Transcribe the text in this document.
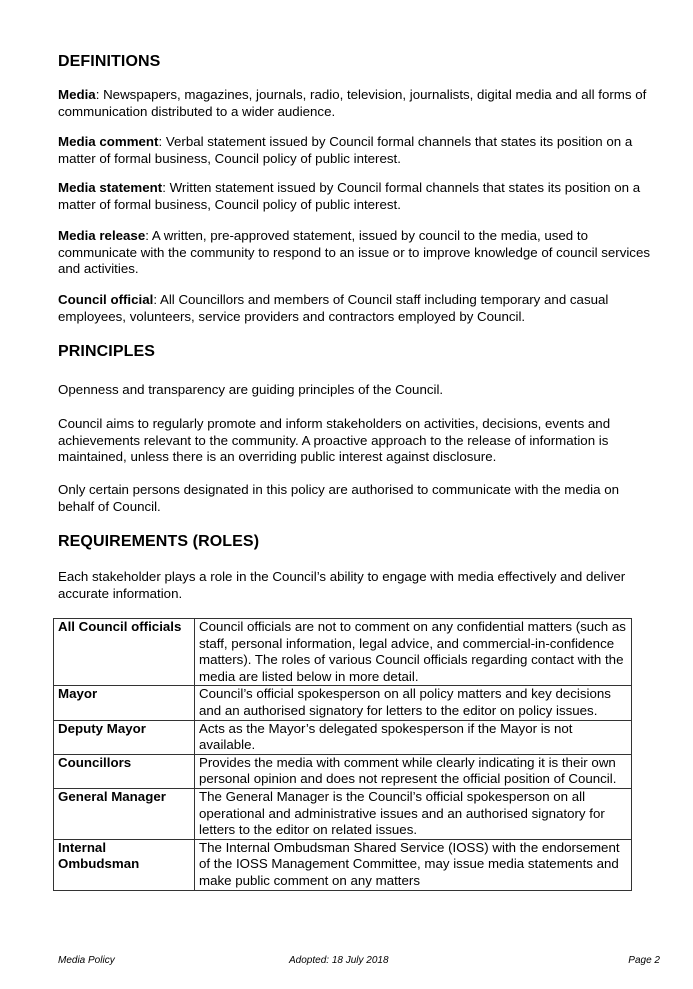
DEFINITIONS

Media: Newspapers, magazines, journals, radio, television, journalists, digital media and all forms of communication distributed to a wider audience.

Media comment: Verbal statement issued by Council formal channels that states its position on a matter of formal business, Council policy of public interest.

Media statement: Written statement issued by Council formal channels that states its position on a matter of formal business, Council policy of public interest.

Media release: A written, pre-approved statement, issued by council to the media, used to communicate with the community to respond to an issue or to improve knowledge of council services and activities.

Council official: All Councillors and members of Council staff including temporary and casual employees, volunteers, service providers and contractors employed by Council.

PRINCIPLES

Openness and transparency are guiding principles of the Council.

Council aims to regularly promote and inform stakeholders on activities, decisions, events and achievements relevant to the community. A proactive approach to the release of information is maintained, unless there is an overriding public interest against disclosure.

Only certain persons designated in this policy are authorised to communicate with the media on behalf of Council.

REQUIREMENTS (ROLES)

Each stakeholder plays a role in the Council’s ability to engage with media effectively and deliver accurate information.

All Council officials	Council officials are not to comment on any confidential matters (such as staff, personal information, legal advice, and commercial-in-confidence matters). The roles of various Council officials regarding contact with the media are listed below in more detail.
Mayor	Council’s official spokesperson on all policy matters and key decisions and an authorised signatory for letters to the editor on policy issues.
Deputy Mayor	Acts as the Mayor’s delegated spokesperson if the Mayor is not available.
Councillors	Provides the media with comment while clearly indicating it is their own personal opinion and does not represent the official position of Council.
General Manager	The General Manager is the Council’s official spokesperson on all operational and administrative issues and an authorised signatory for letters to the editor on related issues.
Internal Ombudsman	The Internal Ombudsman Shared Service (IOSS) with the endorsement of the IOSS Management Committee, may issue media statements and make public comment on any matters
Media Policy	Adopted: 18 July 2018	Page 2
